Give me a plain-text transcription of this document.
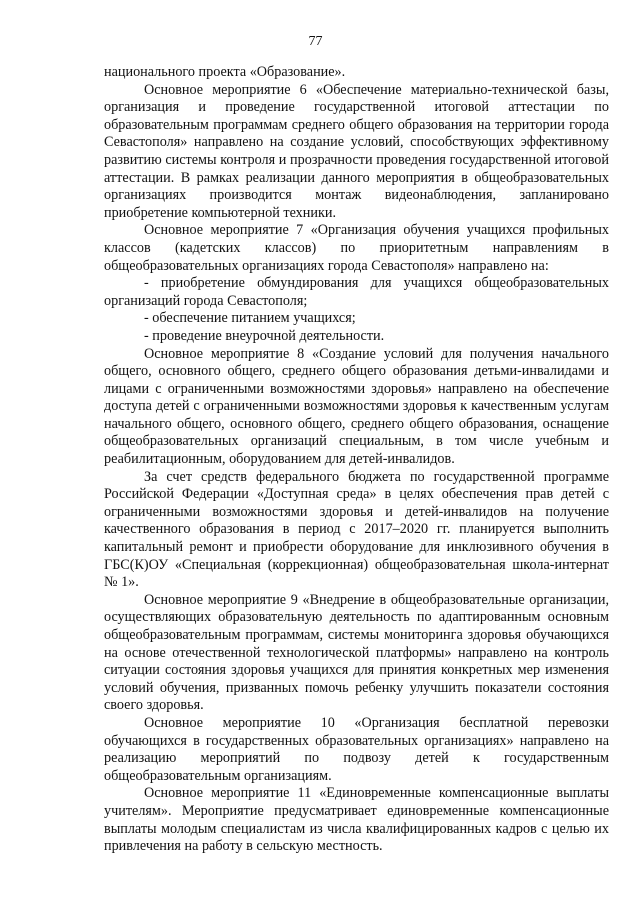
77

национального проекта «Образование».

Основное мероприятие 6 «Обеспечение материально-технической базы, организация и проведение государственной итоговой аттестации по образовательным программам среднего общего образования на территории города Севастополя» направлено на создание условий, способствующих эффективному развитию системы контроля и прозрачности проведения государственной итоговой аттестации. В рамках реализации данного мероприятия в общеобразовательных организациях производится монтаж видеонаблюдения, запланировано приобретение компьютерной техники.

Основное мероприятие 7 «Организация обучения учащихся профильных классов (кадетских классов) по приоритетным направлениям в общеобразовательных организациях города Севастополя» направлено на:

- приобретение обмундирования для учащихся общеобразовательных организаций города Севастополя;

- обеспечение питанием учащихся;

- проведение внеурочной деятельности.

Основное мероприятие 8 «Создание условий для получения начального общего, основного общего, среднего общего образования детьми-инвалидами и лицами с ограниченными возможностями здоровья» направлено на обеспечение доступа детей с ограниченными возможностями здоровья к качественным услугам начального общего, основного общего, среднего общего образования, оснащение общеобразовательных организаций специальным, в том числе учебным и реабилитационным, оборудованием для детей-инвалидов.

За счет средств федерального бюджета по государственной программе Российской Федерации «Доступная среда» в целях обеспечения прав детей с ограниченными возможностями здоровья и детей-инвалидов на получение качественного образования в период с 2017–2020 гг. планируется выполнить капитальный ремонт и приобрести оборудование для инклюзивного обучения в ГБС(К)ОУ «Специальная (коррекционная) общеобразовательная школа-интернат № 1».

Основное мероприятие 9 «Внедрение в общеобразовательные организации, осуществляющих образовательную деятельность по адаптированным основным общеобразовательным программам, системы мониторинга здоровья обучающихся на основе отечественной технологической платформы» направлено на контроль ситуации состояния здоровья учащихся для принятия конкретных мер изменения условий обучения, призванных помочь ребенку улучшить показатели состояния своего здоровья.

Основное мероприятие 10 «Организация бесплатной перевозки обучающихся в государственных образовательных организациях» направлено на реализацию мероприятий по подвозу детей к государственным общеобразовательным организациям.

Основное мероприятие 11 «Единовременные компенсационные выплаты учителям». Мероприятие предусматривает единовременные компенсационные выплаты молодым специалистам из числа квалифицированных кадров с целью их привлечения на работу в сельскую местность.
